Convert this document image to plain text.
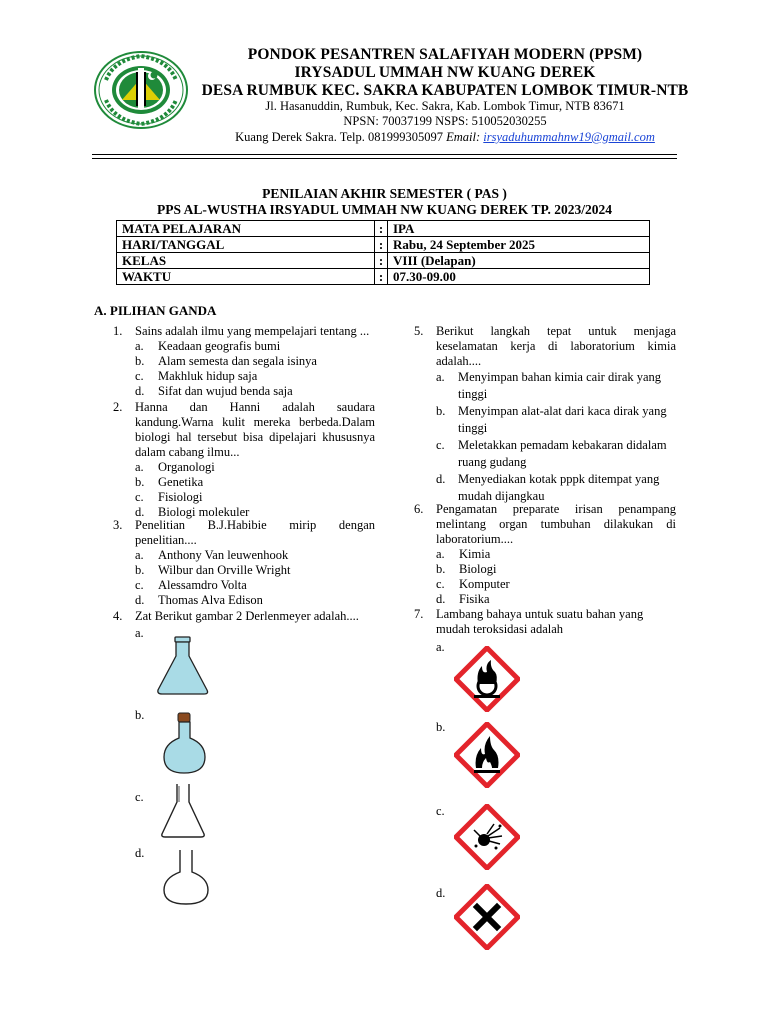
PONDOK PESANTREN SALAFIYAH MODERN (PPSM)
IRYSADUL UMMAH NW KUANG DEREK
DESA RUMBUK KEC. SAKRA KABUPATEN LOMBOK TIMUR-NTB
Jl. Hasanuddin, Rumbuk, Kec. Sakra, Kab. Lombok Timur, NTB 83671
NPSN: 70037199 NSPS: 510052030255
Kuang Derek Sakra. Telp. 081999305097 Email: irsyaduhummahnw19@gmail.com
PENILAIAN AKHIR SEMESTER ( PAS )
PPS AL-WUSTHA IRSYADUL UMMAH NW KUANG DEREK TP. 2023/2024
MATA PELAJARAN	:	IPA
HARI/TANGGAL	:	Rabu, 24 September 2025
KELAS	:	VIII (Delapan)
WAKTU	:	07.30-09.00
A. PILIHAN GANDA
1. Sains adalah ilmu yang mempelajari tentang ...
a. Keadaan geografis bumi
b. Alam semesta dan segala isinya
c. Makhluk hidup saja
d. Sifat dan wujud benda saja
2. Hanna dan Hanni adalah saudara kandung.Warna kulit mereka berbeda.Dalam biologi hal tersebut bisa dipelajari khususnya dalam cabang ilmu...
a. Organologi
b. Genetika
c. Fisiologi
d. Biologi molekuler
3. Penelitian B.J.Habibie mirip dengan penelitian....
a. Anthony Van leuwenhook
b. Wilbur dan Orville Wright
c. Alessamdro Volta
d. Thomas Alva Edison
4. Zat Berikut gambar 2 Derlenmeyer adalah....
a.
b.
c.
d.
5. Berikut langkah tepat untuk menjaga keselamatan kerja di laboratorium kimia adalah....
a. Menyimpan bahan kimia cair dirak yang tinggi
b. Menyimpan alat-alat dari kaca dirak yang tinggi
c. Meletakkan pemadam kebakaran didalam ruang gudang
d. Menyediakan kotak pppk ditempat yang mudah dijangkau
6. Pengamatan preparate irisan penampang melintang organ tumbuhan dilakukan di laboratorium....
a. Kimia
b. Biologi
c. Komputer
d. Fisika
7. Lambang bahaya untuk suatu bahan yang mudah teroksidasi adalah
a.
b.
c.
d.
